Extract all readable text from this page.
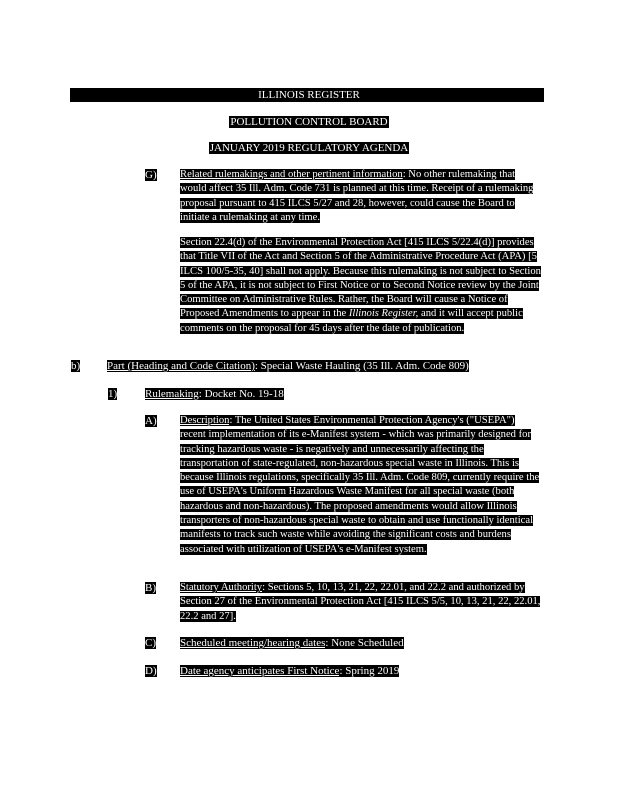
ILLINOIS REGISTER
POLLUTION CONTROL BOARD
JANUARY 2019 REGULATORY AGENDA
G) Related rulemakings and other pertinent information: No other rulemaking that would affect 35 Ill. Adm. Code 731 is planned at this time. Receipt of a rulemaking proposal pursuant to 415 ILCS 5/27 and 28, however, could cause the Board to initiate a rulemaking at any time.
Section 22.4(d) of the Environmental Protection Act [415 ILCS 5/22.4(d)] provides that Title VII of the Act and Section 5 of the Administrative Procedure Act (APA) [5 ILCS 100/5-35, 40] shall not apply. Because this rulemaking is not subject to Section 5 of the APA, it is not subject to First Notice or to Second Notice review by the Joint Committee on Administrative Rules. Rather, the Board will cause a Notice of Proposed Amendments to appear in the Illinois Register, and it will accept public comments on the proposal for 45 days after the date of publication.
b) Part (Heading and Code Citation): Special Waste Hauling (35 Ill. Adm. Code 809)
1)	Rulemaking: Docket No. 19-18
A) Description: The United States Environmental Protection Agency's ("USEPA") recent implementation of its e-Manifest system - which was primarily designed for tracking hazardous waste - is negatively and unnecessarily affecting the transportation of state-regulated, non-hazardous special waste in Illinois. This is because Illinois regulations, specifically 35 Ill. Adm. Code 809, currently require the use of USEPA's Uniform Hazardous Waste Manifest for all special waste (both hazardous and non-hazardous). The proposed amendments would allow Illinois transporters of non-hazardous special waste to obtain and use functionally identical manifests to track such waste while avoiding the significant costs and burdens associated with utilization of USEPA's e-Manifest system.
B) Statutory Authority: Sections 5, 10, 13, 21, 22, 22.01, and 22.2 and authorized by Section 27 of the Environmental Protection Act [415 ILCS 5/5, 10, 13, 21, 22, 22.01, 22.2 and 27].
C) Scheduled meeting/hearing dates: None Scheduled
D) Date agency anticipates First Notice: Spring 2019
